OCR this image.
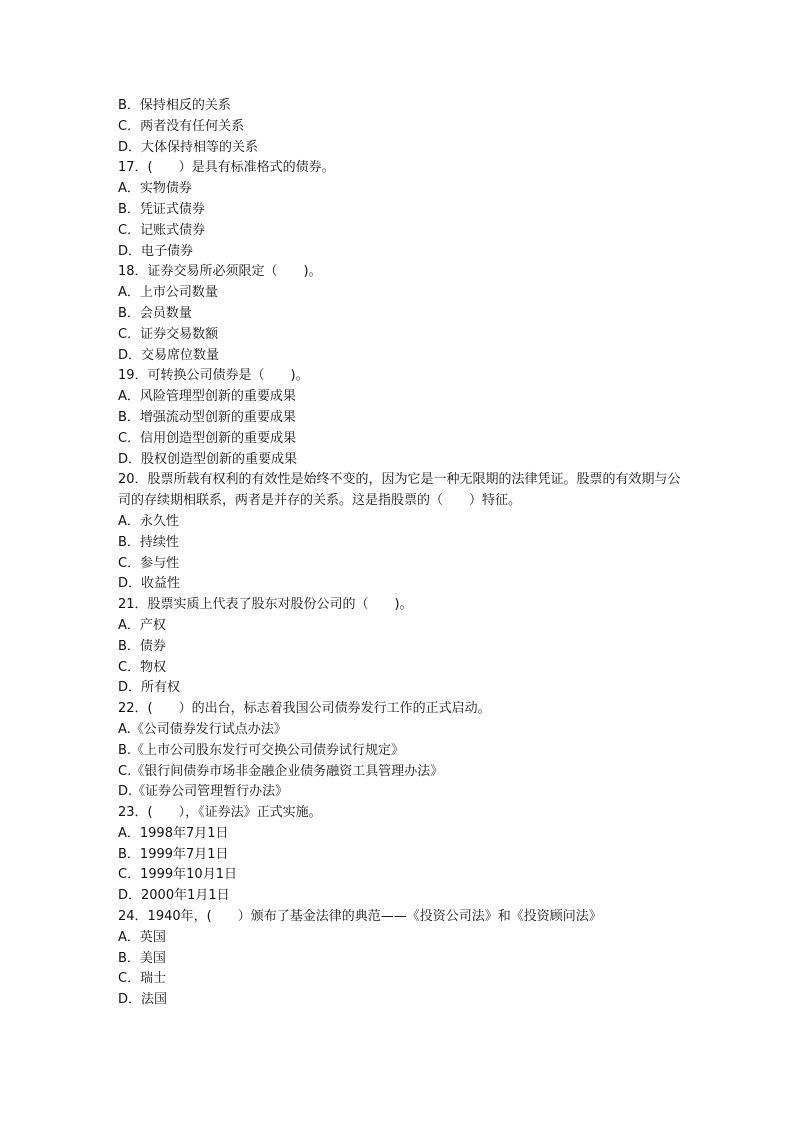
B．保持相反的关系
C．两者没有任何关系
D．大体保持相等的关系
17．(　　）是具有标准格式的债券。
A．实物债券
B．凭证式债券
C．记账式债券
D．电子债券
18．证券交易所必须限定（　　)。
A．上市公司数量
B．会员数量
C．证券交易数额
D．交易席位数量
19．可转换公司债券是（　　)。
A．风险管理型创新的重要成果
B．增强流动型创新的重要成果
C．信用创造型创新的重要成果
D．股权创造型创新的重要成果
20．股票所载有权利的有效性是始终不变的，因为它是一种无限期的法律凭证。股票的有效期与公司的存续期相联系，两者是并存的关系。这是指股票的（　　）特征。
A．永久性
B．持续性
C．参与性
D．收益性
21．股票实质上代表了股东对股份公司的（　　)。
A．产权
B．债券
C．物权
D．所有权
22．(　　）的出台，标志着我国公司债券发行工作的正式启动。
A.《公司债券发行试点办法》
B.《上市公司股东发行可交换公司债券试行规定》
C.《银行间债券市场非金融企业债务融资工具管理办法》
D.《证券公司管理暂行办法》
23．(　　），《证券法》正式实施。
A．1998年7月1日
B．1999年7月1日
C．1999年10月1日
D．2000年1月1日
24．1940年，(　　）颁布了基金法律的典范——《投资公司法》和《投资顾问法》
A．英国
B．美国
C．瑞士
D．法国
